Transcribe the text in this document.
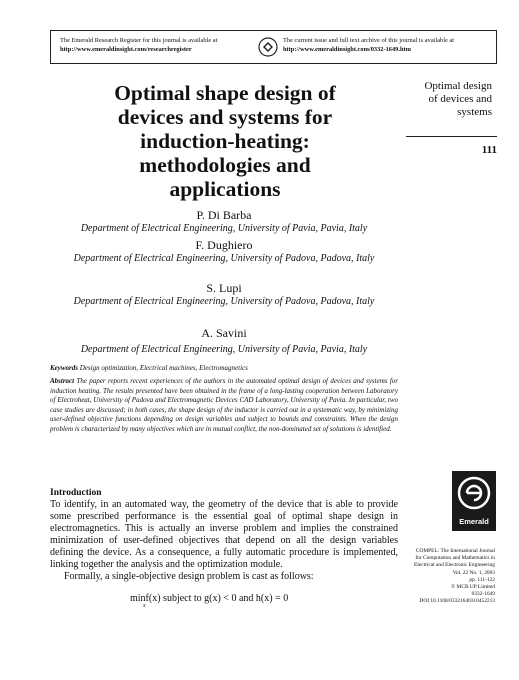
The Emerald Research Register for this journal is available at
http://www.emeraldinsight.com/researchregister
The current issue and full text archive of this journal is available at
http://www.emeraldinsight.com/0332-1649.htm
Optimal shape design of
devices and systems for
induction-heating:
methodologies and
applications
Optimal design
of devices and
systems
111
P. Di Barba
Department of Electrical Engineering, University of Pavia, Pavia, Italy
F. Dughiero
Department of Electrical Engineering, University of Padova, Padova, Italy
S. Lupi
Department of Electrical Engineering, University of Padova, Padova, Italy
A. Savini
Department of Electrical Engineering, University of Pavia, Pavia, Italy
Keywords Design optimization, Electrical machines, Electromagnetics
Abstract The paper reports recent experiences of the authors in the automated optimal design of devices and systems for induction heating. The results presented have been obtained in the frame of a long-lasting cooperation between Laboratory of Electroheat, University of Padova and Electromagnetic Devices CAD Laboratory, University of Pavia. In particular, two case studies are discussed; in both cases, the shape design of the inductor is carried out in a systematic way, by minimizing user-defined objective functions depending on design variables and subject to bounds and constraints. When the design problem is characterized by many objectives which are in mutual conflict, the non-dominated set of solutions is identified.
Introduction

To identify, in an automated way, the geometry of the device that is able to provide some prescribed performance is the essential goal of optimal shape design in electromagnetics. This is actually an inverse problem and implies the constrained minimization of user-defined objectives that depend on all the design variables defining the device. As a consequence, a fully automatic procedure is implemented, linking together the analysis and the optimization module.

Formally, a single-objective design problem is cast as follows:

minf(x) subject to g(x) < 0 and h(x) = 0
x
Emerald
COMPEL: The International Journal
for Computation and Mathematics in
Electrical and Electronic Engineering
Vol. 22 No. 1, 2003
pp. 111-122
© MCB UP Limited
0332-1649
DOI 10.1108/03321640310452213
